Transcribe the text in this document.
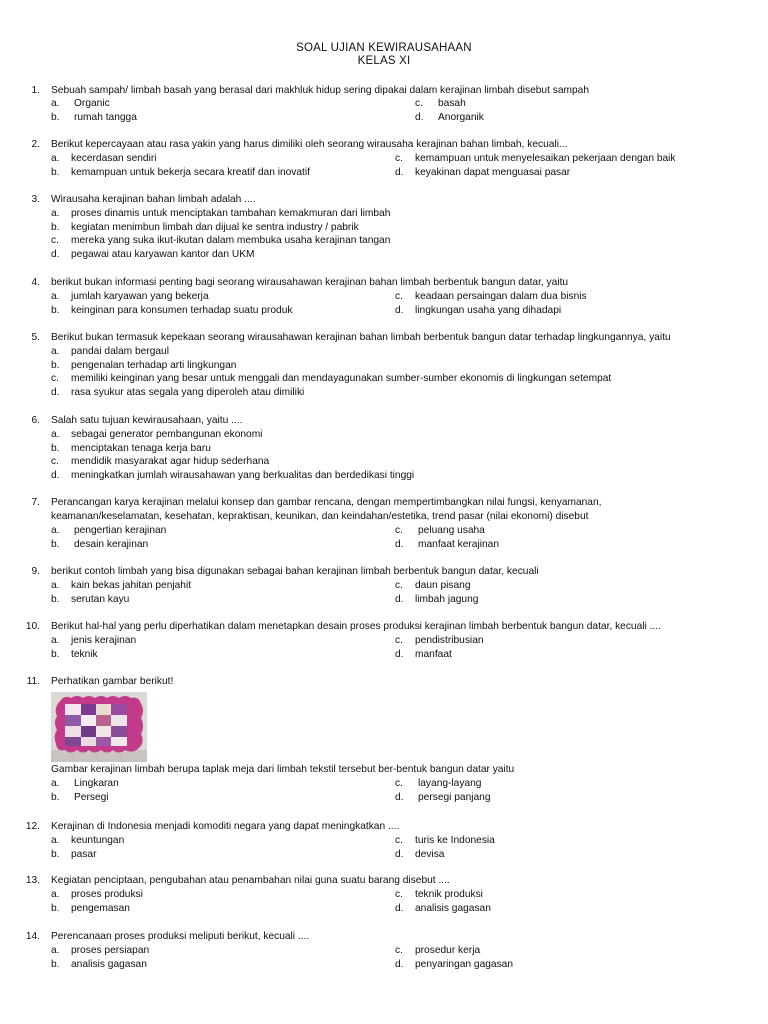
SOAL UJIAN KEWIRAUSAHAAN
KELAS XI
1. Sebuah sampah/ limbah basah yang berasal dari makhluk hidup sering dipakai dalam kerajinan limbah disebut sampah
a. Organic	c. basah
b. rumah tangga	d. Anorganik
2. Berikut kepercayaan atau rasa yakin yang harus dimiliki oleh seorang wirausaha kerajinan bahan limbah, kecuali...
a. kecerdasan sendiri	c. kemampuan untuk menyelesaikan pekerjaan dengan baik
b. kemampuan untuk bekerja secara kreatif dan inovatif	d. keyakinan dapat menguasai pasar
3. Wirausaha kerajinan bahan limbah adalah ....
a. proses dinamis untuk menciptakan tambahan kemakmuran dari limbah
b. kegiatan menimbun limbah dan dijual ke sentra industry / pabrik
c. mereka yang suka ikut-ikutan dalam membuka usaha kerajinan tangan
d. pegawai atau karyawan kantor dan UKM
4. berikut bukan informasi penting bagi seorang wirausahawan kerajinan bahan limbah berbentuk bangun datar, yaitu
a. jumlah karyawan yang bekerja	c. keadaan persaingan dalam dua bisnis
b. keinginan para konsumen terhadap suatu produk	d. lingkungan usaha yang dihadapi
5. Berikut bukan termasuk kepekaan seorang wirausahawan kerajinan bahan limbah berbentuk bangun datar terhadap lingkungannya, yaitu
a. pandai dalam bergaul
b. pengenalan terhadap arti lingkungan
c. memiliki keinginan yang besar untuk menggali dan mendayagunakan sumber-sumber ekonomis di lingkungan setempat
d. rasa syukur atas segala yang diperoleh atau dimiliki
6. Salah satu tujuan kewirausahaan, yaitu ....
a. sebagai generator pembangunan ekonomi
b. menciptakan tenaga kerja baru
c. mendidik masyarakat agar hidup sederhana
d. meningkatkan jumlah wirausahawan yang berkualitas dan berdedikasi tinggi
7. Perancangan karya kerajinan melalui konsep dan gambar rencana, dengan mempertimbangkan nilai fungsi, kenyamanan,
keamanan/keselamatan, kesehatan, kepraktisan, keunikan, dan keindahan/estetika, trend pasar (nilai ekonomi) disebut
a. pengertian kerajinan	c. peluang usaha
b. desain kerajinan	d. manfaat kerajinan
9. berikut contoh limbah yang bisa digunakan sebagai bahan kerajinan limbah berbentuk bangun datar, kecuali
a. kain bekas jahitan penjahit	c. daun pisang
b. serutan kayu	d. limbah jagung
10. Berikut hal-hal yang perlu diperhatikan dalam menetapkan desain proses produksi kerajinan limbah berbentuk bangun datar, kecuali ....
a. jenis kerajinan	c. pendistribusian
b. teknik	d. manfaat
11. Perhatikan gambar berikut!
Gambar kerajinan limbah berupa taplak meja dari limbah tekstil tersebut ber-bentuk bangun datar yaitu
a. Lingkaran	c. layang-layang
b. Persegi	d. persegi panjang
12. Kerajinan di Indonesia menjadi komoditi negara yang dapat meningkatkan ....
a. keuntungan	c. turis ke Indonesia
b. pasar	d. devisa
13. Kegiatan penciptaan, pengubahan atau penambahan nilai guna suatu barang disebut ....
a. proses produksi	c. teknik produksi
b. pengemasan	d. analisis gagasan
14. Perencanaan proses produksi meliputi berikut, kecuali ....
a. proses persiapan	c. prosedur kerja
b. analisis gagasan	d. penyaringan gagasan
